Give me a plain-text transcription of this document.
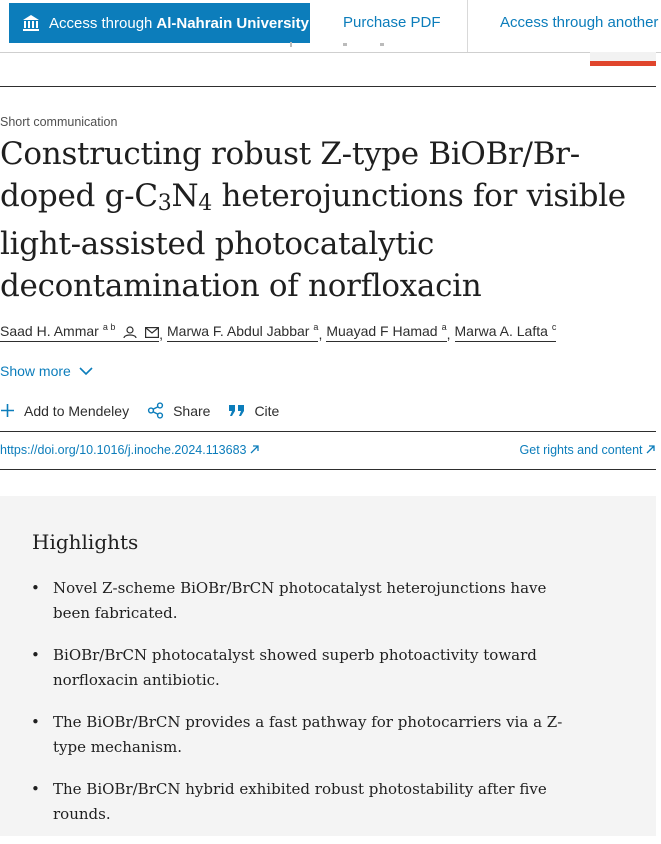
Access through Al-Nahrain University Purchase PDF	Access through another
Short communication
Constructing robust Z-type BiOBr/Br-doped $g-C_3N_4$ heterojunctions for visible light-assisted photocatalytic decontamination of norfloxacin
Saad H. Ammar $^{a b}$	, Marwa F. Abdul Jabbar $^a$ , Muayad F Hamad $^a$ , Marwa A. Lafta $^c$
Show more
Add to Mendeley	Share	Cite
https://doi.org/10.1016/j.inoche.2024.113683	Get rights and content
Highlights
• Novel Z-scheme BiOBr/BrCN photocatalyst heterojunctions have been fabricated.
• BiOBr/BrCN photocatalyst showed superb photoactivity toward norfloxacin antibiotic.
• The BiOBr/BrCN provides a fast pathway for photocarriers via a Z-type mechanism.
• The BiOBr/BrCN hybrid exhibited robust photostability after five rounds.
